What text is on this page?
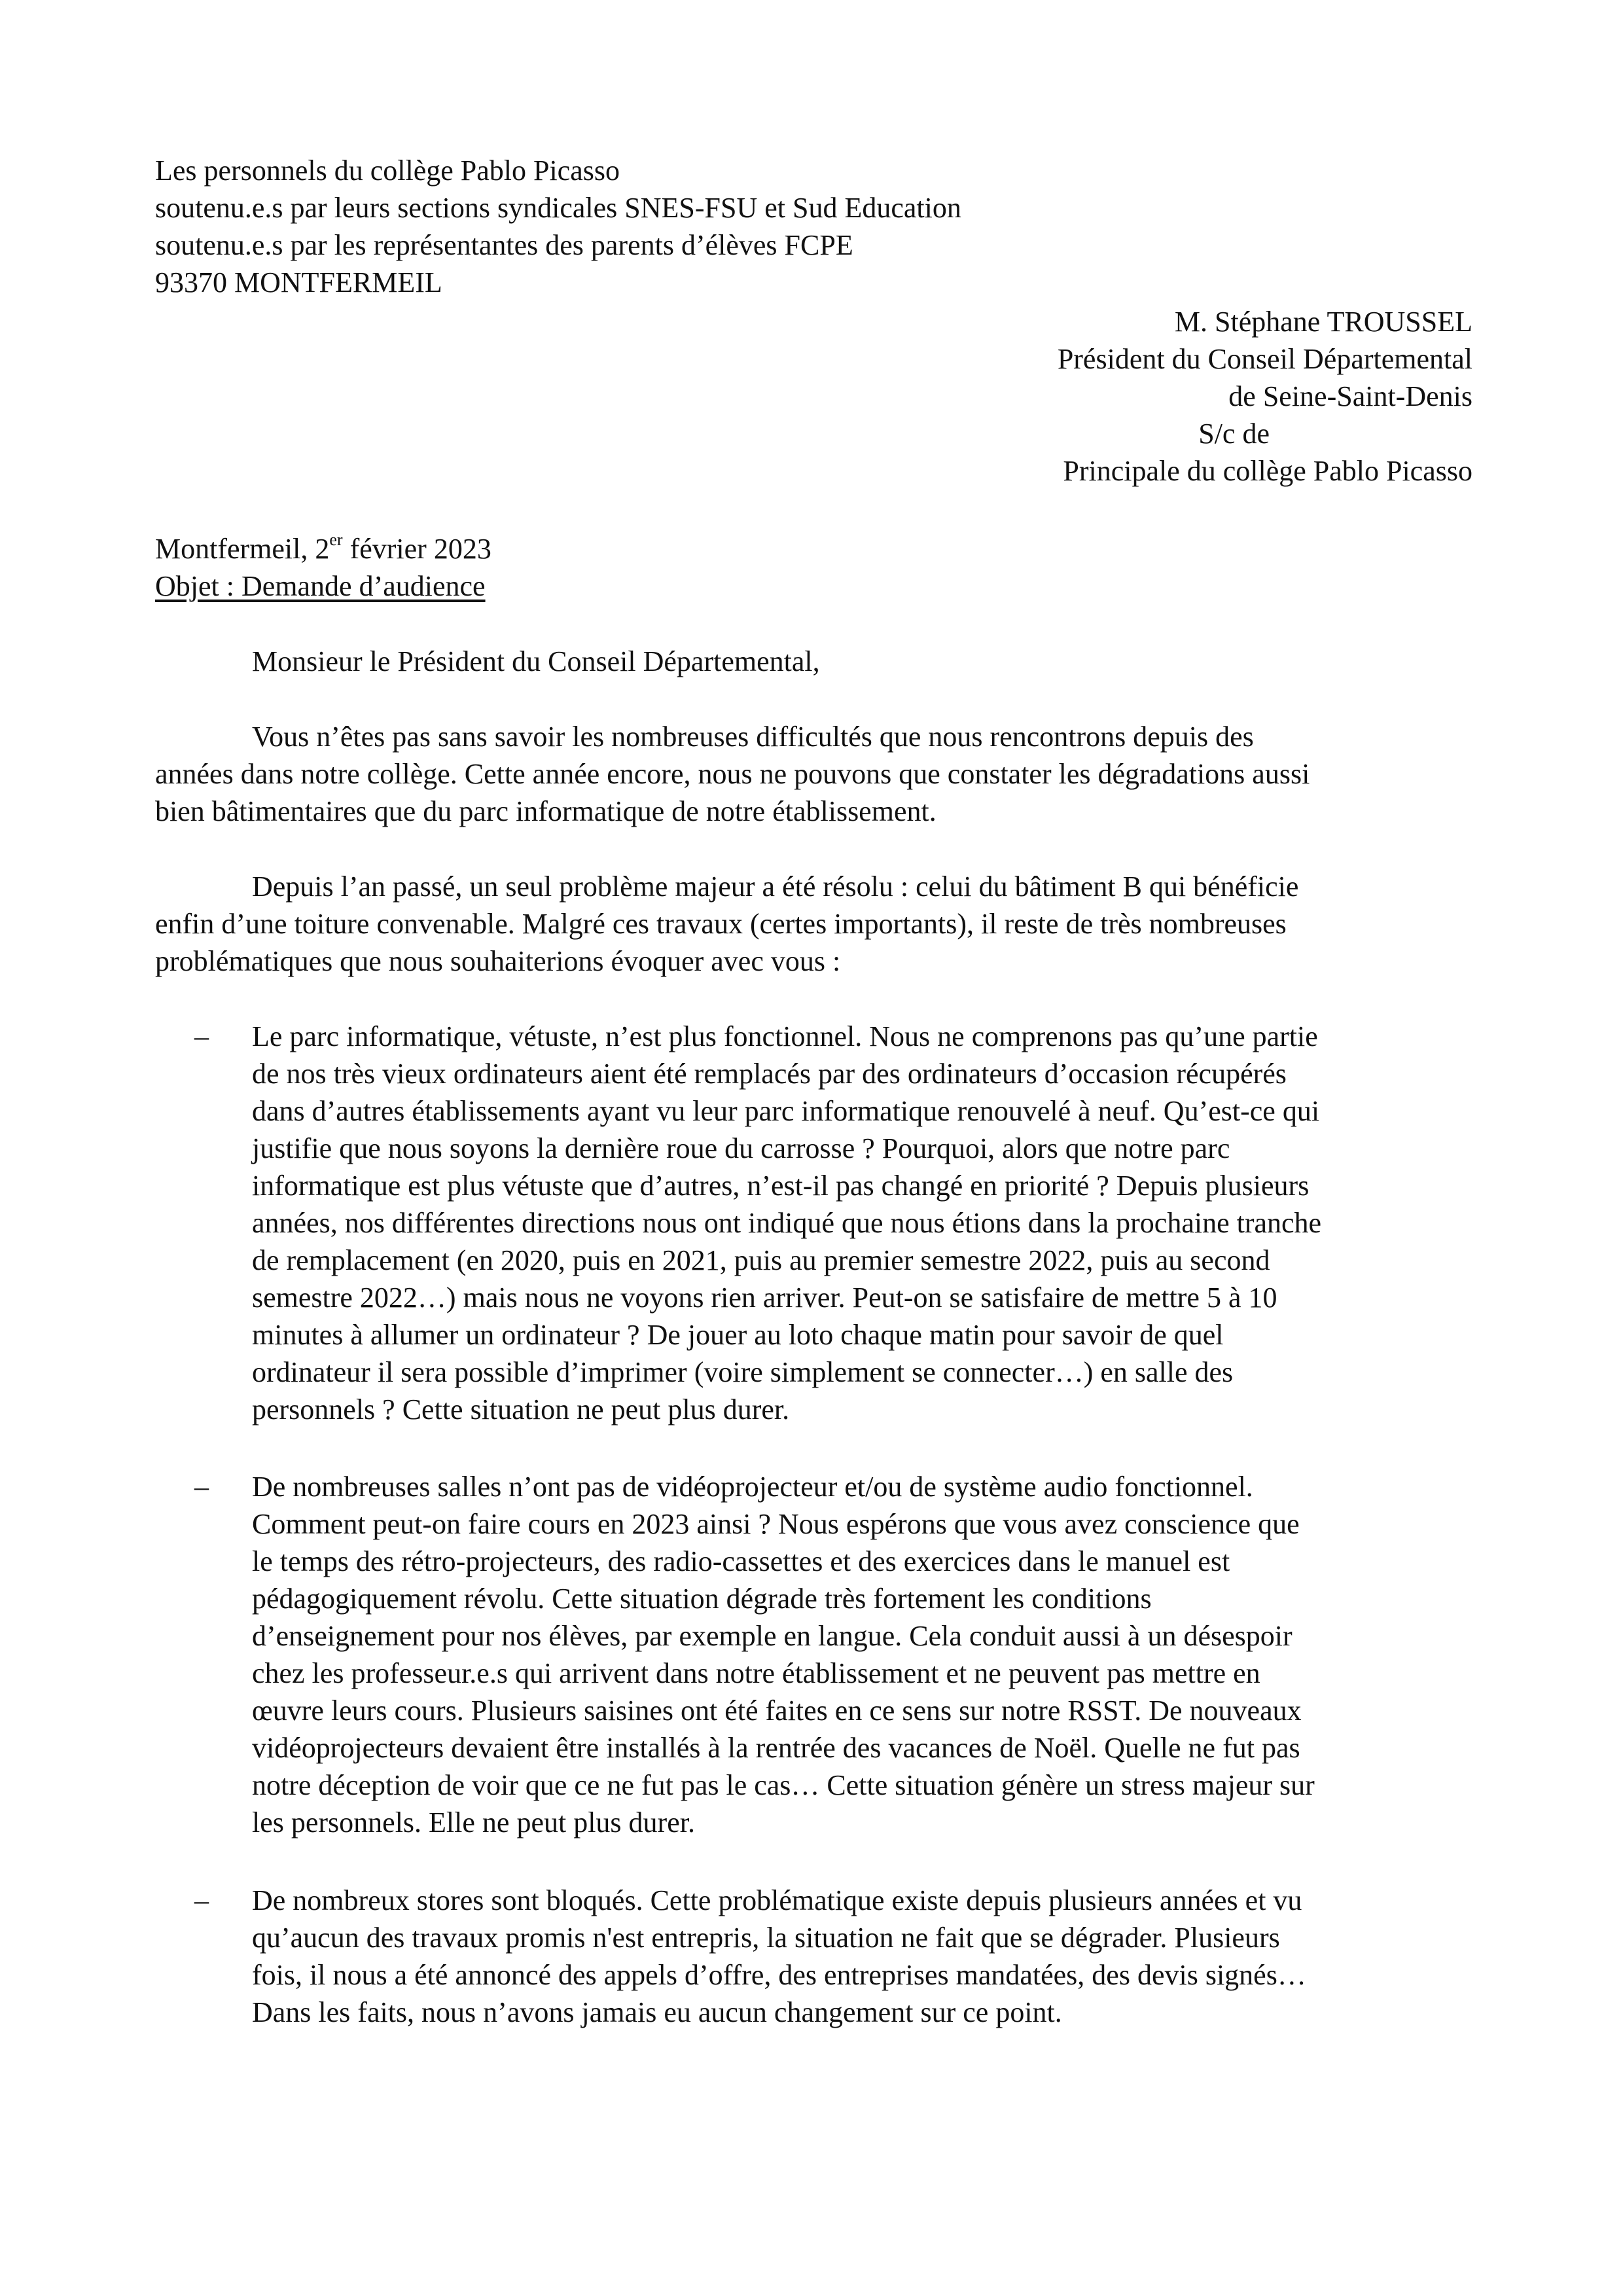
Les personnels du collège Pablo Picasso
soutenu.e.s par leurs sections syndicales SNES-FSU et Sud Education
soutenu.e.s par les représentantes des parents d’élèves FCPE
93370 MONTFERMEIL
M. Stéphane TROUSSEL
Président du Conseil Départemental
de Seine-Saint-Denis
S/c de
Principale du collège Pablo Picasso
Montfermeil, 2er février 2023
Objet : Demande d’audience
Monsieur le Président du Conseil Départemental,
Vous n’êtes pas sans savoir les nombreuses difficultés que nous rencontrons depuis des
années dans notre collège. Cette année encore, nous ne pouvons que constater les dégradations aussi
bien bâtimentaires que du parc informatique de notre établissement.
Depuis l’an passé, un seul problème majeur a été résolu : celui du bâtiment B qui bénéficie
enfin d’une toiture convenable. Malgré ces travaux (certes importants), il reste de très nombreuses
problématiques que nous souhaiterions évoquer avec vous :
–	Le parc informatique, vétuste, n’est plus fonctionnel. Nous ne comprenons pas qu’une partie
de nos très vieux ordinateurs aient été remplacés par des ordinateurs d’occasion récupérés
dans d’autres établissements ayant vu leur parc informatique renouvelé à neuf. Qu’est-ce qui
justifie que nous soyons la dernière roue du carrosse ? Pourquoi, alors que notre parc
informatique est plus vétuste que d’autres, n’est-il pas changé en priorité ? Depuis plusieurs
années, nos différentes directions nous ont indiqué que nous étions dans la prochaine tranche
de remplacement (en 2020, puis en 2021, puis au premier semestre 2022, puis au second
semestre 2022…) mais nous ne voyons rien arriver. Peut-on se satisfaire de mettre 5 à 10
minutes à allumer un ordinateur ? De jouer au loto chaque matin pour savoir de quel
ordinateur il sera possible d’imprimer (voire simplement se connecter…) en salle des
personnels ? Cette situation ne peut plus durer.
–	De nombreuses salles n’ont pas de vidéoprojecteur et/ou de système audio fonctionnel.
Comment peut-on faire cours en 2023 ainsi ? Nous espérons que vous avez conscience que
le temps des rétro-projecteurs, des radio-cassettes et des exercices dans le manuel est
pédagogiquement révolu. Cette situation dégrade très fortement les conditions
d’enseignement pour nos élèves, par exemple en langue. Cela conduit aussi à un désespoir
chez les professeur.e.s qui arrivent dans notre établissement et ne peuvent pas mettre en
œuvre leurs cours. Plusieurs saisines ont été faites en ce sens sur notre RSST. De nouveaux
vidéoprojecteurs devaient être installés à la rentrée des vacances de Noël. Quelle ne fut pas
notre déception de voir que ce ne fut pas le cas… Cette situation génère un stress majeur sur
les personnels. Elle ne peut plus durer.
–	De nombreux stores sont bloqués. Cette problématique existe depuis plusieurs années et vu
qu’aucun des travaux promis n'est entrepris, la situation ne fait que se dégrader. Plusieurs
fois, il nous a été annoncé des appels d’offre, des entreprises mandatées, des devis signés…
Dans les faits, nous n’avons jamais eu aucun changement sur ce point.
